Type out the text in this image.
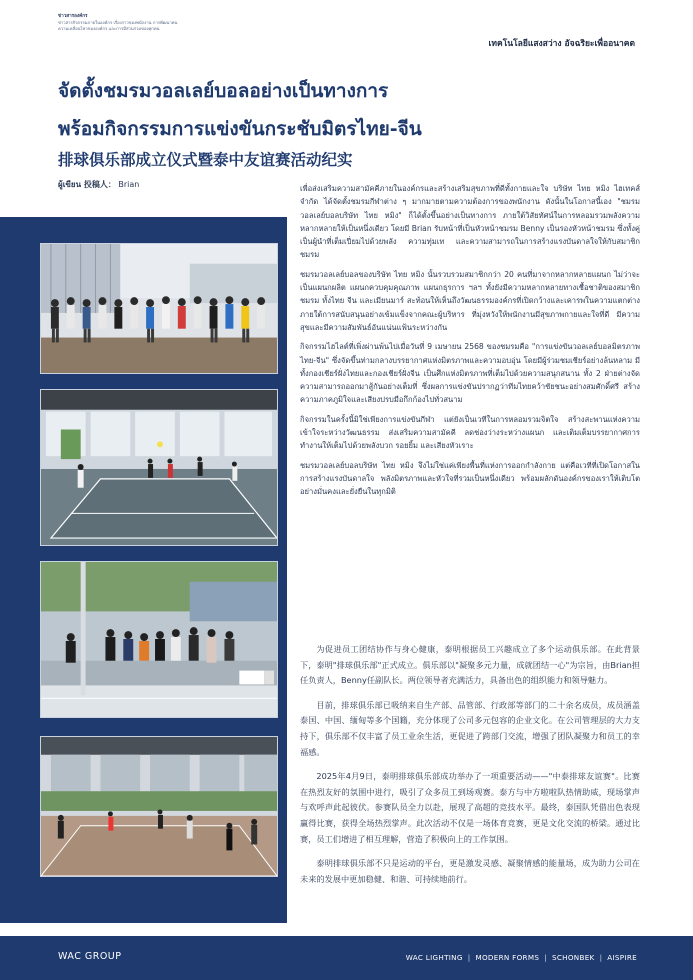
ข่าวสารองค์กร
ข่าวสารกิจกรรมภายในองค์กร เรื่องราวของพนักงาน การพัฒนาคน
ความเคลื่อนไหวขององค์กร และการมีส่วนร่วมของทุกคน
เทคโนโลยีแสงสว่าง อัจฉริยะเพื่ออนาคต
จัดตั้งชมรมวอลเลย์บอลอย่างเป็นทางการ
พร้อมกิจกรรมการแข่งขันกระชับมิตรไทย-จีน
排球俱乐部成立仪式暨泰中友谊赛活动纪实
ผู้เขียน 投稿人： Brian	เพื่อส่งเสริมความสามัคคีภายในองค์กรและสร้างเสริมสุขภาพที่ดีทั้งกายและใจ บริษัท ไทย หมิง ไฮเทคส์ จำกัด ได้จัดตั้งชมรมกีฬาต่าง ๆ มากมายตามความต้องการของพนักงาน ดังนั้นในโอกาสนี้เอง "ชมรมวอลเลย์บอลบริษัท ไทย หมิง" ก็ได้ตั้งขึ้นอย่างเป็นทางการ ภายใต้วิสัยทัศน์ในการหลอมรวมพลังความหลากหลายให้เป็นหนึ่งเดียว โดยมี Brian รับหน้าที่เป็นหัวหน้าชมรม Benny เป็นรองหัวหน้าชมรม ซึ่งทั้งคู่เป็นผู้นำที่เต็มเปี่ยมไปด้วยพลัง ความทุ่มเท และความสามารถในการสร้างแรงบันดาลใจให้กับสมาชิกชมรม

ชมรมวอลเลย์บอลของบริษัท ไทย หมิง นั้นรวบรวมสมาชิกกว่า 20 คนที่มาจากหลากหลายแผนก ไม่ว่าจะเป็นแผนกผลิต แผนกควบคุมคุณภาพ แผนกธุรการ ฯลฯ ทั้งยังมีความหลากหลายทางเชื้อชาติของสมาชิกชมรม ทั้งไทย จีน และเมียนมาร์ สะท้อนให้เห็นถึงวัฒนธรรมองค์กรที่เปิดกว้างและเคารพในความแตกต่าง ภายใต้การสนับสนุนอย่างเข้มแข็งจากคณะผู้บริหาร ที่มุ่งหวังให้พนักงานมีสุขภาพกายและใจที่ดี มีความสุขและมีความสัมพันธ์อันแน่นแฟ้นระหว่างกัน

กิจกรรมไฮไลต์ที่เพิ่งผ่านพ้นไปเมื่อวันที่ 9 เมษายน 2568 ของชมรมคือ "การแข่งขันวอลเลย์บอลมิตรภาพไทย-จีน" ซึ่งจัดขึ้นท่ามกลางบรรยากาศแห่งมิตรภาพและความอบอุ่น โดยมีผู้ร่วมชมเชียร์อย่างล้นหลาม มีทั้งกองเชียร์ฝั่งไทยและกองเชียร์ฝั่งจีน เป็นศึกแห่งมิตรภาพที่เต็มไปด้วยความสนุกสนาน ทั้ง 2 ฝ่ายต่างจัดความสามารถออกมาสู้กันอย่างเต็มที่ ซึ่งผลการแข่งขันปรากฏว่าทีมไทยคว้าชัยชนะอย่างสมศักดิ์ศรี สร้างความภาคภูมิใจและเสียงปรบมือกึกก้องไปทั่วสนาม

กิจกรรมในครั้งนี้มิใช่เพียงการแข่งขันกีฬา แต่ยังเป็นเวทีในการหลอมรวมจิตใจ สร้างสะพานแห่งความเข้าใจระหว่างวัฒนธรรม ส่งเสริมความสามัคคี ลดช่องว่างระหว่างแผนก และเติมเต็มบรรยากาศการทำงานให้เต็มไปด้วยพลังบวก รอยยิ้ม และเสียงหัวเราะ

ชมรมวอลเลย์บอลบริษัท ไทย หมิง จึงไม่ใช่แค่เพียงพื้นที่แห่งการออกกำลังกาย แต่คือเวทีที่เปิดโอกาสในการสร้างแรงบันดาลใจ พลังมิตรภาพและหัวใจที่รวมเป็นหนึ่งเดียว พร้อมผลักดันองค์กรของเราให้เติบโตอย่างมั่นคงและยั่งยืนในทุกมิติ

为促进员工团结协作与身心健康，泰明根据员工兴趣成立了多个运动俱乐部。在此背景下，泰明"排球俱乐部"正式成立。俱乐部以"凝聚多元力量，成就团结一心"为宗旨，由Brian担任负责人，Benny任副队长。两位领导者充满活力，具备出色的组织能力和领导魅力。

目前，排球俱乐部已吸纳来自生产部、品管部、行政部等部门的二十余名成员，成员涵盖泰国、中国、缅甸等多个国籍，充分体现了公司多元包容的企业文化。在公司管理层的大力支持下，俱乐部不仅丰富了员工业余生活，更促进了跨部门交流，增强了团队凝聚力和员工的幸福感。

2025年4月9日，泰明排球俱乐部成功举办了一项重要活动——"中泰排球友谊赛"。比赛在热烈友好的氛围中进行，吸引了众多员工到场观赛。泰方与中方啦啦队热情助威，现场掌声与欢呼声此起彼伏。参赛队员全力以赴，展现了高超的竞技水平。最终，泰国队凭借出色表现赢得比赛，获得全场热烈掌声。此次活动不仅是一场体育竞赛，更是文化交流的桥梁。通过比赛，员工们增进了相互理解，营造了积极向上的工作氛围。

泰明排球俱乐部不只是运动的平台，更是激发灵感、凝聚情感的能量场，成为助力公司在未来的发展中更加稳健、和谐、可持续地前行。

WAC GROUP	WAC LIGHTING | MODERN FORMS | SCHONBEK | AISPIRE
